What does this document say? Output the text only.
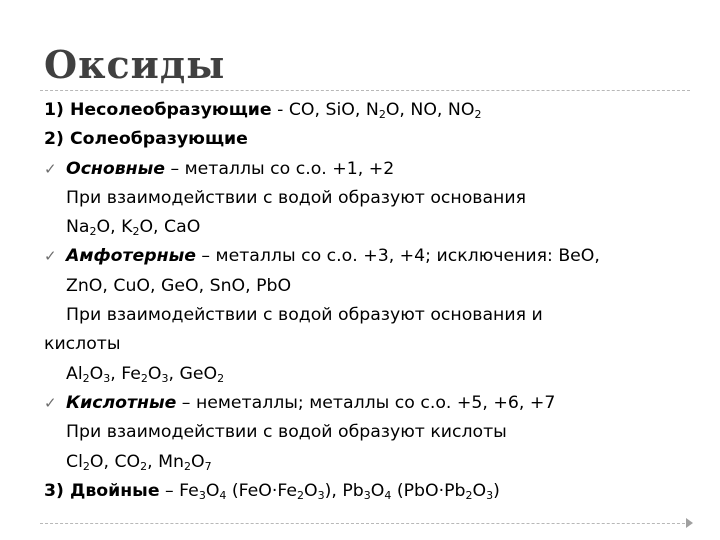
Оксиды
1) Несолеобразующие - CO, SiO, $N_2O$, NO, $NO_2$
2) Солеобразующие
✓ Основные – металлы со с.о. +1, +2
При взаимодействии с водой образуют основания
$Na_2O$, $K_2O$, CaO
✓ Амфотерные – металлы со с.о. +3, +4; исключения: BeO,
ZnO, CuO, GeO, SnO, PbO
При взаимодействии с водой образуют основания и
кислоты
$Al_2O_3$, $Fe_2O_3$, GeO$_2$
✓ Кислотные – неметаллы; металлы со с.о. +5, +6, +7
При взаимодействии с водой образуют кислоты
$Cl_2O$, $CO_2$, $Mn_2O_7$
3) Двойные – $Fe_3O_4$ $(FeO\cdot Fe_2O_3)$, $Pb_3O_4$ $(PbO\cdot Pb_2O_3)$
